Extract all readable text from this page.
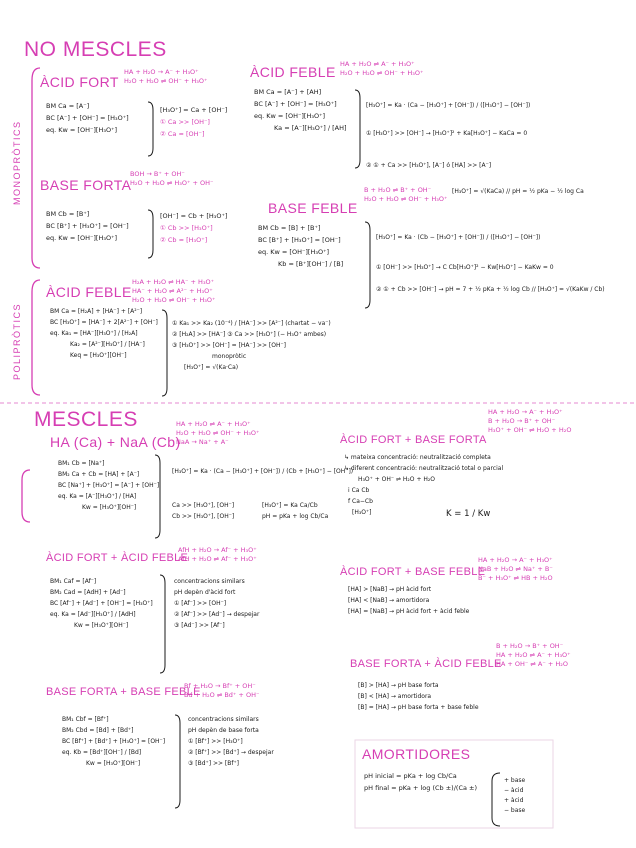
NO MESCLES
MONOPRÒTICS
POLIPRÒTICS
ÀCID FORT
HA + H₂O → A⁻ + H₃O⁺
H₂O + H₂O ⇌ OH⁻ + H₃O⁺
BM Ca = [A⁻]
BC [A⁻] + [OH⁻] = [H₃O⁺]
eq. Kw = [OH⁻][H₃O⁺]
[H₃O⁺] = Ca + [OH⁻]
① Ca >> [OH⁻]
② Ca ≈ [OH⁻]
BASE FORTA
BOH → B⁺ + OH⁻
H₂O + H₂O ⇌ H₃O⁺ + OH⁻
BM Cb = [B⁺]
BC [B⁺] + [H₃O⁺] = [OH⁻]
eq. Kw = [OH⁻][H₃O⁺]
[OH⁻] = Cb + [H₃O⁺]
① Cb >> [H₃O⁺]
② Cb ≈ [H₃O⁺]
ÀCID FEBLE HA + H₂O ⇌ A⁻ + H₃O⁺
H₂O + H₂O ⇌ OH⁻ + H₃O⁺
BM Ca = [A⁻] + [AH]
BC [A⁻] + [OH⁻] = [H₃O⁺]
eq. Kw = [OH⁻][H₃O⁺]
Ka = [A⁻][H₃O⁺] / [AH]
[H₃O⁺] = Ka · (Ca − [H₃O⁺] + [OH⁻]) / ([H₃O⁺] − [OH⁻])
① [H₃O⁺] >> [OH⁻] → [H₃O⁺]² + Ka[H₃O⁺] − KaCa = 0
② ① + Ca >> [H₃O⁺], [A⁻] ó [HA] >> [A⁻]
B + H₂O ⇌ B⁺ + OH⁻
H₂O + H₂O ⇌ OH⁻ + H₃O⁺
[H₃O⁺] = √(KaCa) // pH = ½ pKa − ½ log Ca
BASE FEBLE
BM Cb = [B] + [B⁺]
BC [B⁺] + [H₃O⁺] = [OH⁻]
eq. Kw = [OH⁻][H₃O⁺]
Kb = [B⁺][OH⁻] / [B]
[H₃O⁺] = Ka · (Cb − [H₃O⁺] + [OH⁻]) / ([H₃O⁺] − [OH⁻])
① [OH⁻] >> [H₃O⁺] → C Cb[H₃O⁺]² − Kw[H₃O⁺] − KaKw = 0
② ① + Cb >> [OH⁻] → pH = 7 + ½ pKa + ½ log Cb // [H₃O⁺] = √(KaKw / Cb)
ÀCID FEBLE
H₂A + H₂O ⇌ HA⁻ + H₃O⁺
HA⁻ + H₂O ⇌ A²⁻ + H₃O⁺
H₂O + H₂O ⇌ OH⁻ + H₃O⁺
BM Ca = [H₂A] + [HA⁻] + [A²⁻]
BC [H₃O⁺] = [HA⁻] + 2[A²⁻] + [OH⁻]
eq. Ka₁ = [HA⁻][H₃O⁺] / [H₂A]
Ka₂ = [A²⁻][H₃O⁺] / [HA⁻]
Keq = [H₃O⁺][OH⁻]
① Ka₁ >> Ka₂ (10⁻⁴) / [HA⁻] >> [A²⁻] (chartat − va⁻)
② [H₂A] >> [HA⁻] ③ Ca >> [H₃O⁺] (− H₃O⁺ ambes)
③ [H₃O⁺] >> [OH⁻] = [HA⁻] >> [OH⁻]
monopròtic
[H₃O⁺] = √(Ka·Ca)
MESCLES
HA (Ca) + NaA (Cb)
HA + H₂O ⇌ A⁻ + H₃O⁺
H₂O + H₂O ⇌ OH⁻ + H₃O⁺
NaA → Na⁺ + A⁻
BM₁ Cb = [Na⁺]
BM₂ Ca + Cb = [HA] + [A⁻]
BC [Na⁺] + [H₃O⁺] = [A⁻] + [OH⁻]
eq. Ka = [A⁻][H₃O⁺] / [HA]
Kw = [H₃O⁺][OH⁻]
[H₃O⁺] = Ka · (Ca − [H₃O⁺] + [OH⁻]) / (Cb + [H₃O⁺] − [OH⁻])
Ca >> [H₃O⁺], [OH⁻]
Cb >> [H₃O⁺], [OH⁻]
[H₃O⁺] = Ka Ca/Cb
pH = pKa + log Cb/Ca
ÀCID FORT + ÀCID FEBLE
AfH + H₂O → Af⁻ + H₃O⁺
AfH + H₂O ⇌ Af⁻ + H₃O⁺
BM₁ Caf = [Af⁻]
BM₂ Cad = [AdH] + [Ad⁻]
BC [Af⁻] + [Ad⁻] + [OH⁻] = [H₃O⁺]
eq. Ka = [Ad⁻][H₃O⁺] / [AdH]
Kw = [H₃O⁺][OH⁻]
concentracions similars
pH depèn d'àcid fort
① [Af⁻] >> [OH⁻]
② [Af⁻] >> [Ad⁻] → despejar
③ [Ad⁻] >> [Af⁻]
BASE FORTA + BASE FEBLE
Bf + H₂O → Bf⁺ + OH⁻
Bd + H₂O ⇌ Bd⁺ + OH⁻
BM₁ Cbf = [Bf⁺]
BM₂ Cbd = [Bd] + [Bd⁺]
BC [Bf⁺] + [Bd⁺] + [H₃O⁺] = [OH⁻]
eq. Kb = [Bd⁺][OH⁻] / [Bd]
Kw = [H₃O⁺][OH⁻]
concentracions similars
pH depèn de base forta
① [Bf⁺] >> [H₃O⁺]
② [Bf⁺] >> [Bd⁺] → despejar
③ [Bd⁺] >> [Bf⁺]
ÀCID FORT + BASE FORTA
HA + H₂O → A⁻ + H₃O⁺
B + H₂O → B⁺ + OH⁻
H₃O⁺ + OH⁻ ⇌ H₂O + H₂O
↳ mateixa concentració: neutralització completa
↳ diferent concentració: neutralització total o parcial
H₃O⁺ + OH⁻ ⇌ H₂O + H₂O
i Ca Cb
f Ca−Cb
[H₃O⁺]	K = 1 / Kw
ÀCID FORT + BASE FEBLE
HA + H₂O → A⁻ + H₃O⁺
NaB + H₂O ⇌ Na⁺ + B⁻
B⁻ + H₃O⁺ ⇌ HB + H₂O
[HA] > [NaB] → pH àcid fort
[HA] < [NaB] → amortidora
[HA] = [NaB] → pH àcid fort + àcid feble
BASE FORTA + ÀCID FEBLE
B + H₂O → B⁺ + OH⁻
HA + H₂O ⇌ A⁻ + H₃O⁺
HA + OH⁻ ⇌ A⁻ + H₂O
[B] > [HA] → pH base forta
[B] < [HA] → amortidora
[B] = [HA] → pH base forta + base feble
AMORTIDORES
pH inicial = pKa + log Cb/Ca
pH final = pKa + log (Cb ±)/(Ca ±)
+ base
− àcid
+ àcid
− base
